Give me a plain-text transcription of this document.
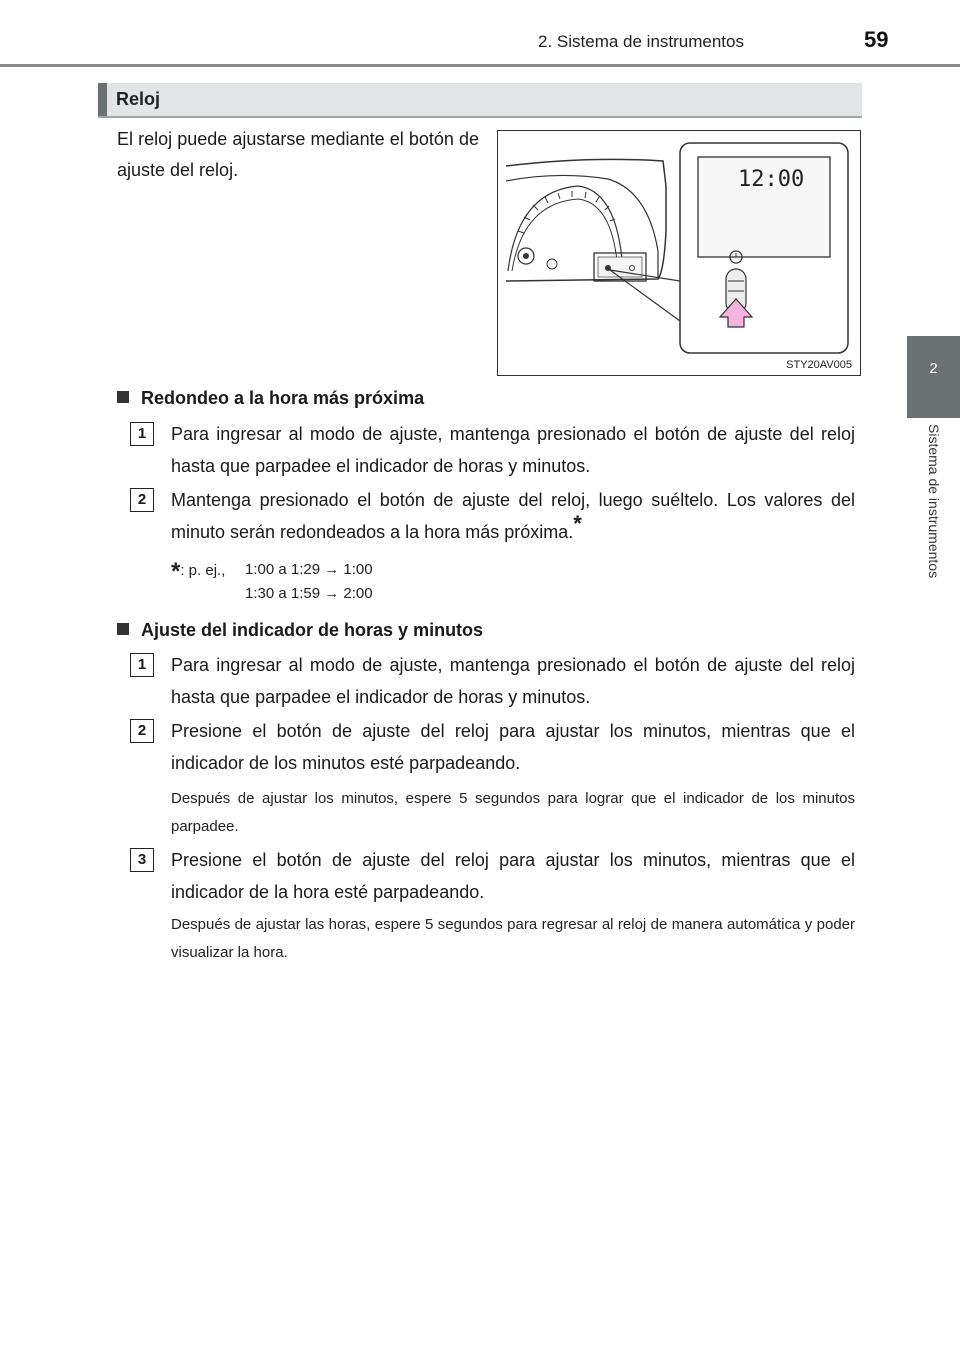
2. Sistema de instrumentos	59
2
Sistema de instrumentos
Reloj
El reloj puede ajustarse mediante el botón de ajuste del reloj.	12:00
STY20AV005
Redondeo a la hora más próxima
1	Para ingresar al modo de ajuste, mantenga presionado el botón de ajuste del reloj hasta que parpadee el indicador de horas y minutos.
2	Mantenga presionado el botón de ajuste del reloj, luego suéltelo. Los valores del minuto serán redondeados a la hora más próxima.*
*: p. ej., 1:00 a 1:29 → 1:00
1:30 a 1:59 → 2:00
Ajuste del indicador de horas y minutos
1	Para ingresar al modo de ajuste, mantenga presionado el botón de ajuste del reloj hasta que parpadee el indicador de horas y minutos.
2	Presione el botón de ajuste del reloj para ajustar los minutos, mientras que el indicador de los minutos esté parpadeando.
Después de ajustar los minutos, espere 5 segundos para lograr que el indicador de los minutos parpadee.
3	Presione el botón de ajuste del reloj para ajustar los minutos, mientras que el indicador de la hora esté parpadeando.
Después de ajustar las horas, espere 5 segundos para regresar al reloj de manera automática y poder visualizar la hora.
